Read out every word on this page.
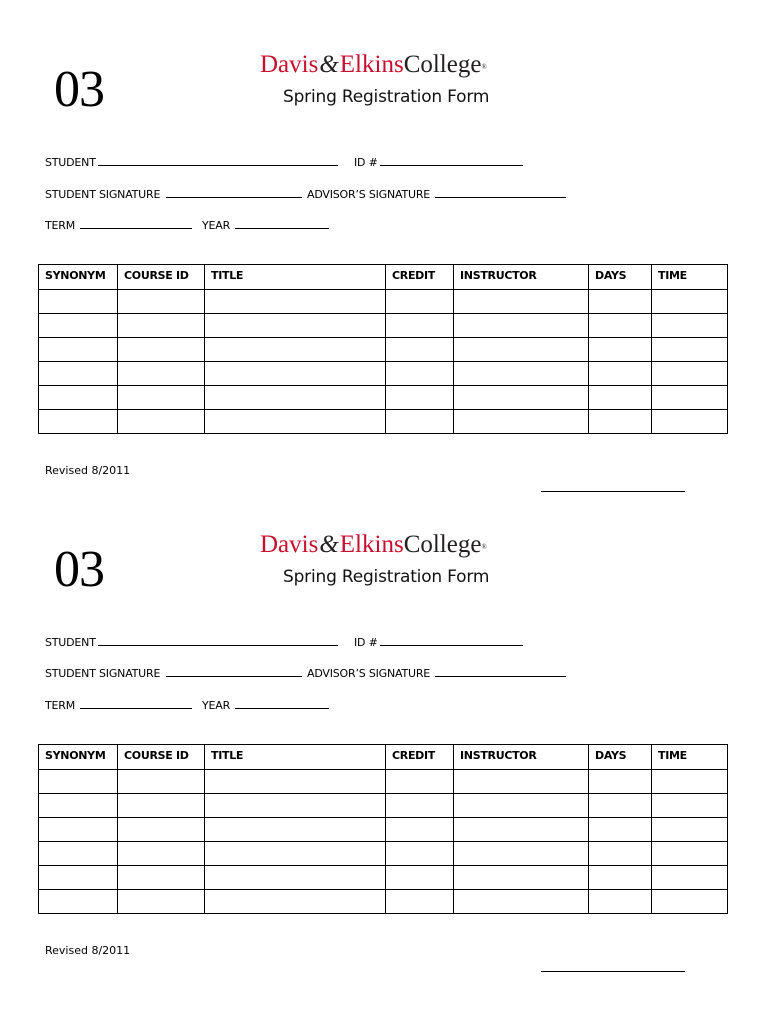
03	Davis&ElkinsCollege®
Spring Registration Form
STUDENT	ID #
STUDENT SIGNATURE	ADVISOR’S SIGNATURE
TERM	YEAR
SYNONYM	COURSE ID	TITLE	CREDIT	INSTRUCTOR	DAYS	TIME

Revised 8/2011
03	Davis&ElkinsCollege®
Spring Registration Form
STUDENT	ID #
STUDENT SIGNATURE	ADVISOR’S SIGNATURE
TERM	YEAR
SYNONYM	COURSE ID	TITLE	CREDIT	INSTRUCTOR	DAYS	TIME

Revised 8/2011
